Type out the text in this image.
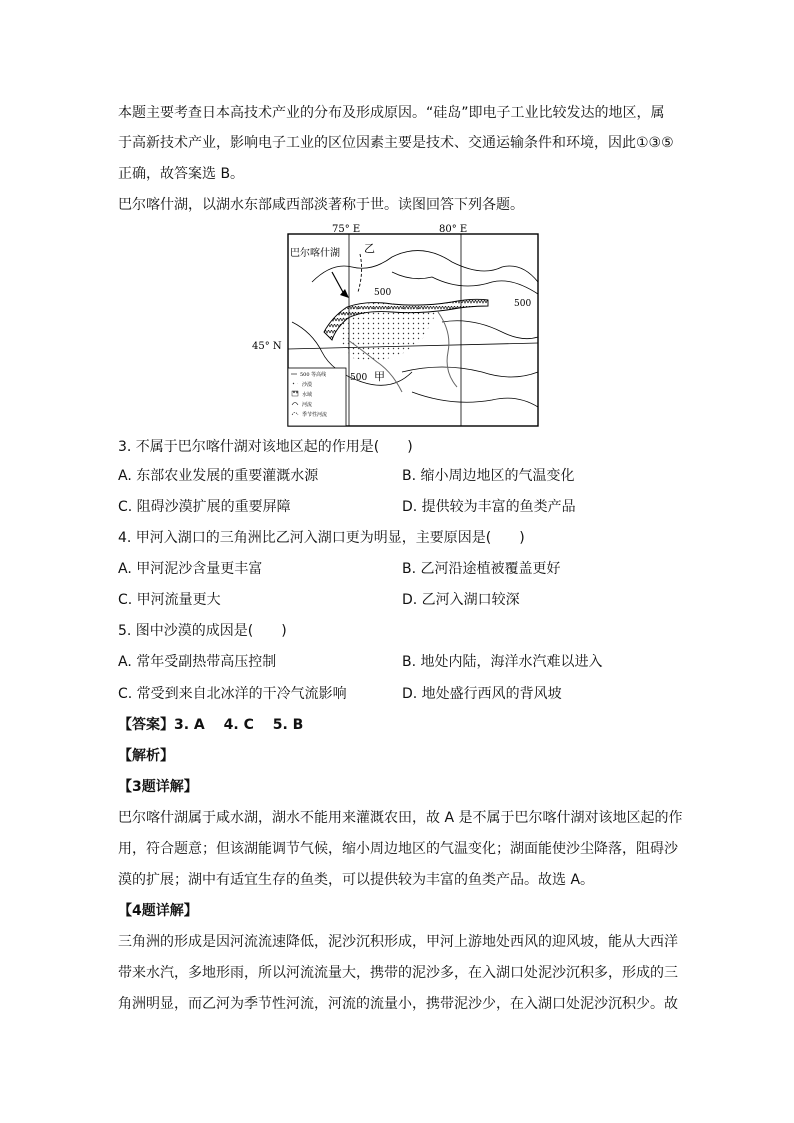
本题主要考查日本高技术产业的分布及形成原因。“硅岛”即电子工业比较发达的地区，属
于高新技术产业，影响电子工业的区位因素主要是技术、交通运输条件和环境，因此①③⑤
正确，故答案选 B。
巴尔喀什湖，以湖水东部咸西部淡著称于世。读图回答下列各题。
75° E	80° E
45° N
巴尔喀什湖 乙
甲
500
500
500
500 等高线
沙漠
水域
河流
季节性河流
3. 不属于巴尔喀什湖对该地区起的作用是(　　)
A. 东部农业发展的重要灌溉水源	B. 缩小周边地区的气温变化
C. 阻碍沙漠扩展的重要屏障	D. 提供较为丰富的鱼类产品
4. 甲河入湖口的三角洲比乙河入湖口更为明显，主要原因是(　　)
A. 甲河泥沙含量更丰富	B. 乙河沿途植被覆盖更好
C. 甲河流量更大	D. 乙河入湖口较深
5. 图中沙漠的成因是(　　)
A. 常年受副热带高压控制	B. 地处内陆，海洋水汽难以进入
C. 常受到来自北冰洋的干冷气流影响	D. 地处盛行西风的背风坡
【答案】3. A　 4. C　 5. B
【解析】
【3题详解】
巴尔喀什湖属于咸水湖，湖水不能用来灌溉农田，故 A 是不属于巴尔喀什湖对该地区起的作
用，符合题意；但该湖能调节气候，缩小周边地区的气温变化；湖面能使沙尘降落，阻碍沙
漠的扩展；湖中有适宜生存的鱼类，可以提供较为丰富的鱼类产品。故选 A。
【4题详解】
三角洲的形成是因河流流速降低，泥沙沉积形成，甲河上游地处西风的迎风坡，能从大西洋
带来水汽，多地形雨，所以河流流量大，携带的泥沙多，在入湖口处泥沙沉积多，形成的三
角洲明显，而乙河为季节性河流，河流的流量小，携带泥沙少，在入湖口处泥沙沉积少。故
